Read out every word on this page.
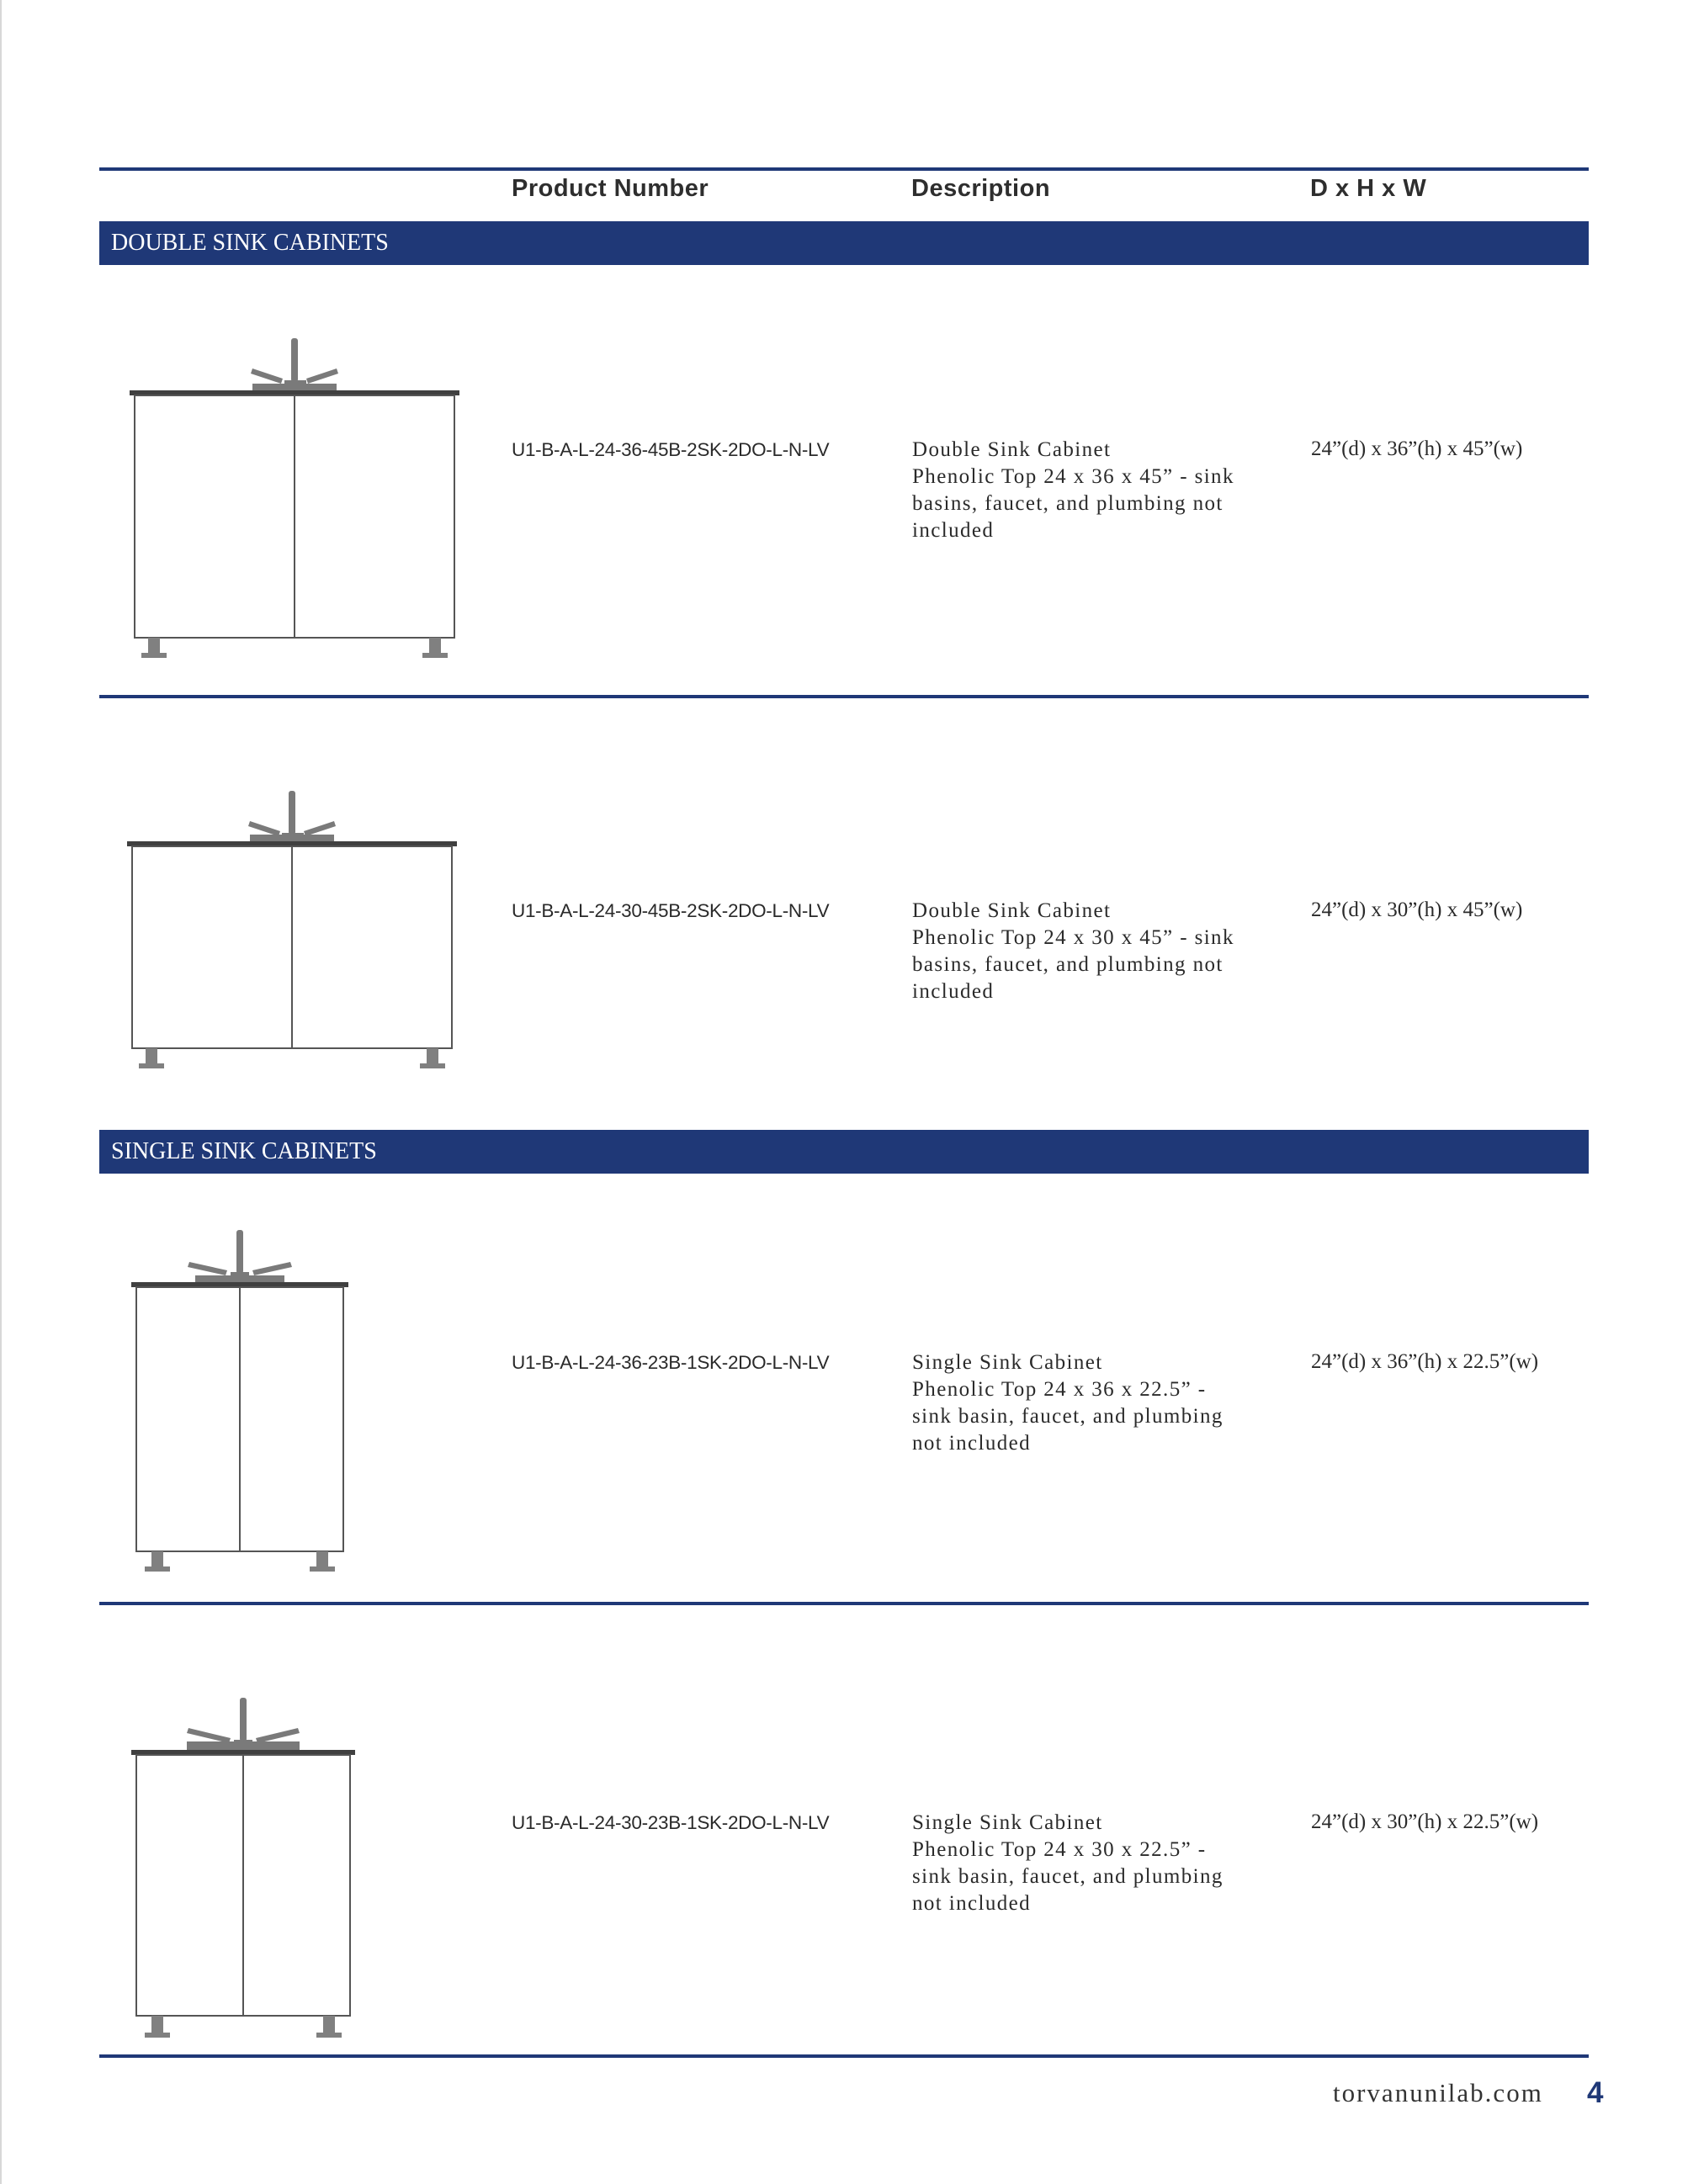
Product Number	Description	D x H x W
DOUBLE SINK CABINETS
U1-B-A-L-24-36-45B-2SK-2DO-L-N-LV	Double Sink Cabinet
Phenolic Top 24 x 36 x 45” - sink
basins, faucet, and plumbing not
included
24”(d) x 36”(h) x 45”(w)
U1-B-A-L-24-30-45B-2SK-2DO-L-N-LV	Double Sink Cabinet
Phenolic Top 24 x 30 x 45” - sink
basins, faucet, and plumbing not
included
24”(d) x 30”(h) x 45”(w)
SINGLE SINK CABINETS
U1-B-A-L-24-36-23B-1SK-2DO-L-N-LV	Single Sink Cabinet
Phenolic Top 24 x 36 x 22.5” -
sink basin, faucet, and plumbing
not included
24”(d) x 36”(h) x 22.5”(w)
U1-B-A-L-24-30-23B-1SK-2DO-L-N-LV	Single Sink Cabinet
Phenolic Top 24 x 30 x 22.5” -
sink basin, faucet, and plumbing
not included
24”(d) x 30”(h) x 22.5”(w)
torvanunilab.com 4
